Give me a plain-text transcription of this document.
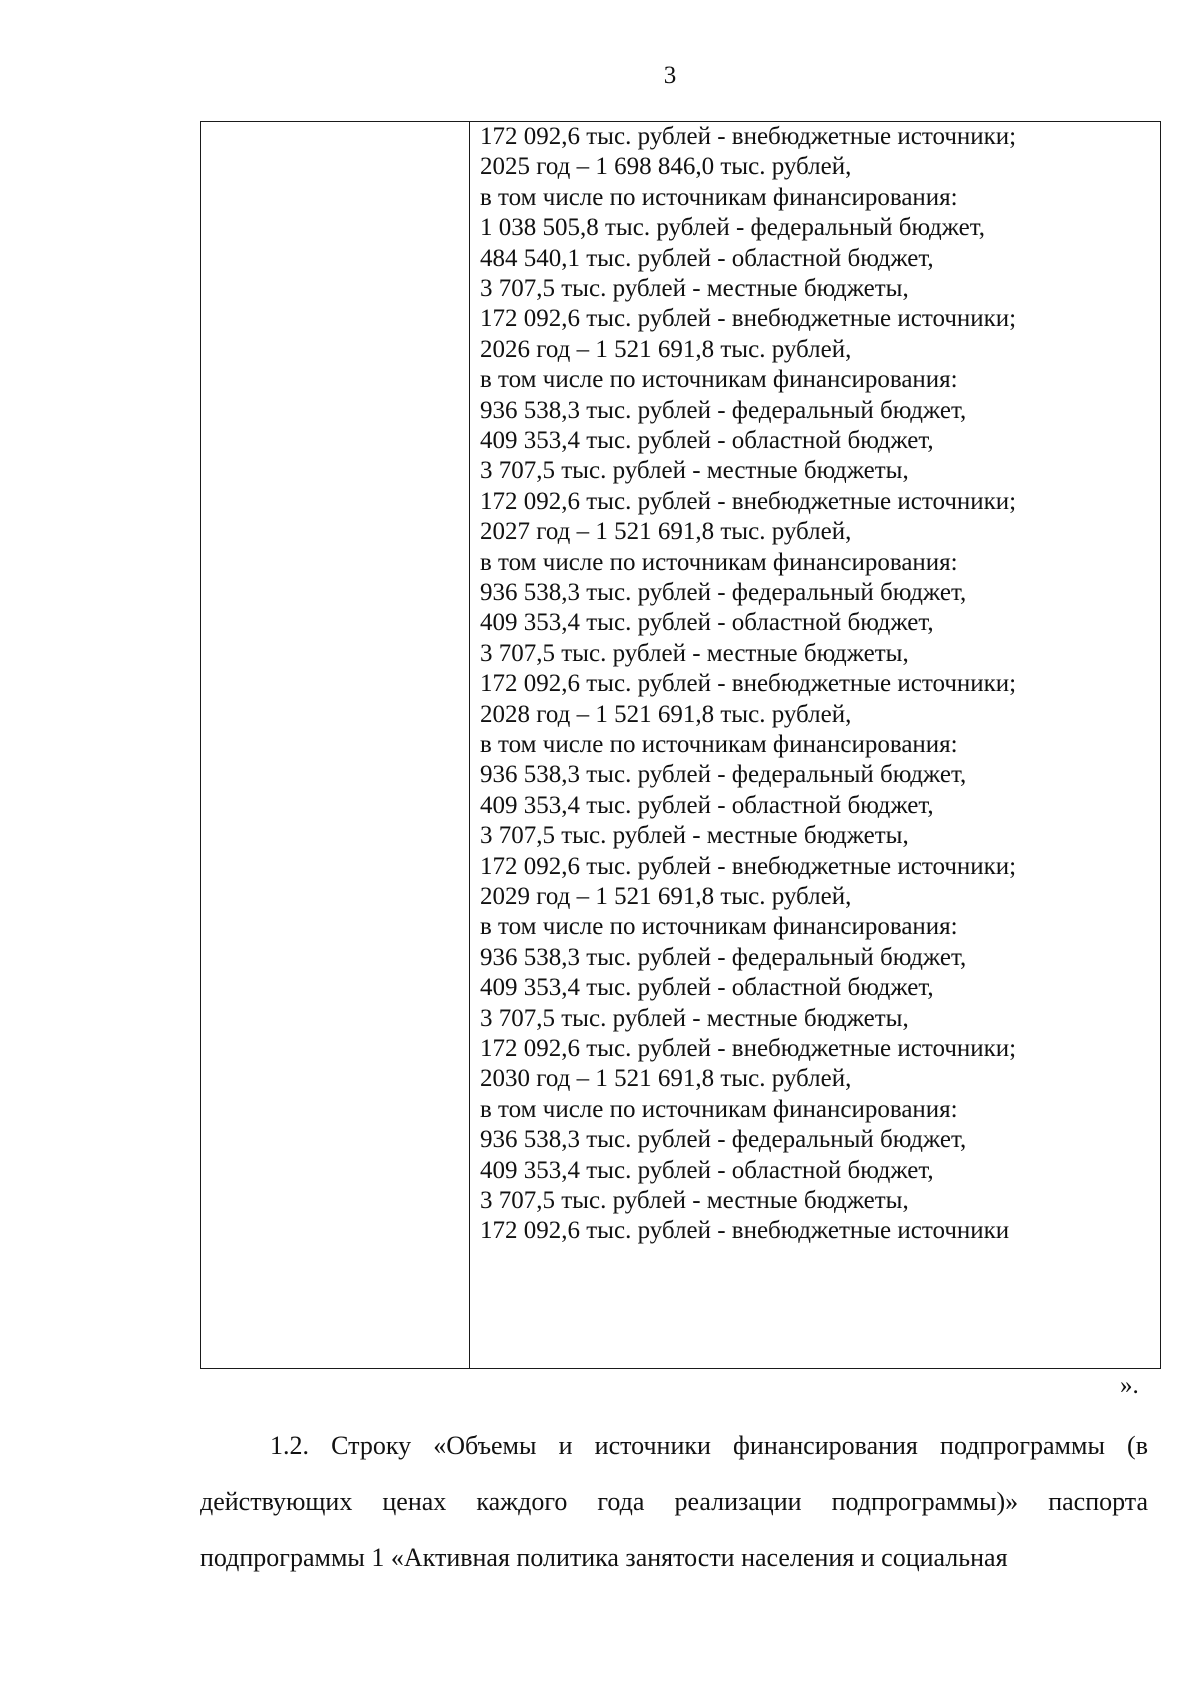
3
172 092,6 тыс. рублей - внебюджетные источники;
2025 год – 1 698 846,0 тыс. рублей,
в том числе по источникам финансирования:
1 038 505,8 тыс. рублей - федеральный бюджет,
484 540,1 тыс. рублей - областной бюджет,
3 707,5 тыс. рублей - местные бюджеты,
172 092,6 тыс. рублей - внебюджетные источники;
2026 год – 1 521 691,8 тыс. рублей,
в том числе по источникам финансирования:
936 538,3 тыс. рублей - федеральный бюджет,
409 353,4 тыс. рублей - областной бюджет,
3 707,5 тыс. рублей - местные бюджеты,
172 092,6 тыс. рублей - внебюджетные источники;
2027 год – 1 521 691,8 тыс. рублей,
в том числе по источникам финансирования:
936 538,3 тыс. рублей - федеральный бюджет,
409 353,4 тыс. рублей - областной бюджет,
3 707,5 тыс. рублей - местные бюджеты,
172 092,6 тыс. рублей - внебюджетные источники;
2028 год – 1 521 691,8 тыс. рублей,
в том числе по источникам финансирования:
936 538,3 тыс. рублей - федеральный бюджет,
409 353,4 тыс. рублей - областной бюджет,
3 707,5 тыс. рублей - местные бюджеты,
172 092,6 тыс. рублей - внебюджетные источники;
2029 год – 1 521 691,8 тыс. рублей,
в том числе по источникам финансирования:
936 538,3 тыс. рублей - федеральный бюджет,
409 353,4 тыс. рублей - областной бюджет,
3 707,5 тыс. рублей - местные бюджеты,
172 092,6 тыс. рублей - внебюджетные источники;
2030 год – 1 521 691,8 тыс. рублей,
в том числе по источникам финансирования:
936 538,3 тыс. рублей - федеральный бюджет,
409 353,4 тыс. рублей - областной бюджет,
3 707,5 тыс. рублей - местные бюджеты,
172 092,6 тыс. рублей - внебюджетные источники
».
1.2. Строку «Объемы и источники финансирования подпрограммы (в действующих ценах каждого года реализации подпрограммы)» паспорта подпрограммы 1 «Активная политика занятости населения и социальная
